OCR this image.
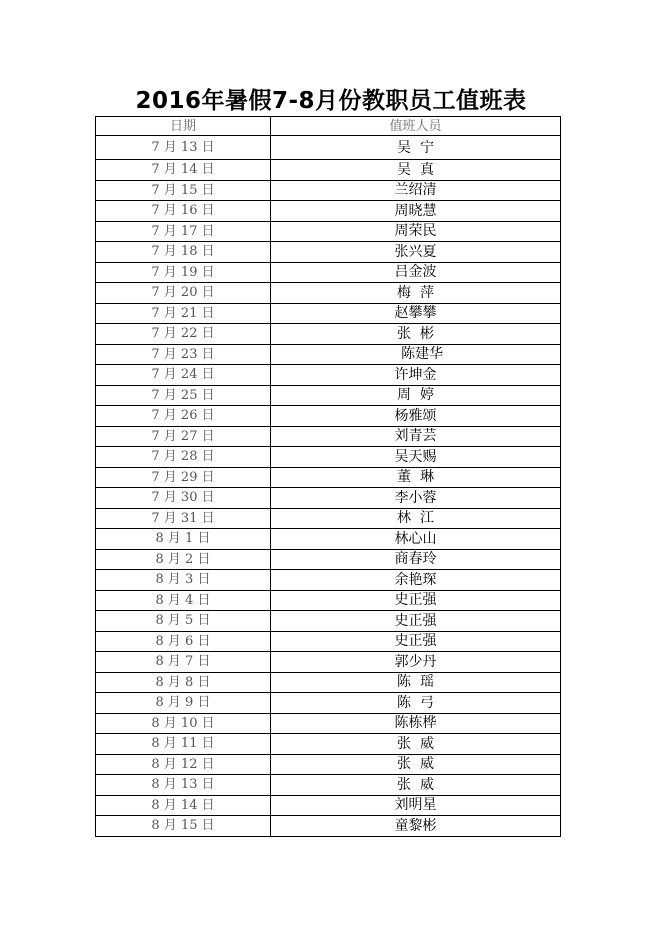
2016年暑假7-8月份教职员工值班表
日期	值班人员
7 月 13 日	吴  宁
7 月 14 日	吴  真
7 月 15 日	兰绍清
7 月 16 日	周晓慧
7 月 17 日	周荣民
7 月 18 日	张兴夏
7 月 19 日	吕金波
7 月 20 日	梅  萍
7 月 21 日	赵攀攀
7 月 22 日	张  彬
7 月 23 日	陈建华
7 月 24 日	许坤金
7 月 25 日	周  婷
7 月 26 日	杨雅颂
7 月 27 日	刘青芸
7 月 28 日	吴天赐
7 月 29 日	董  琳
7 月 30 日	李小蓉
7 月 31 日	林  江
8 月 1 日	林心山
8 月 2 日	商春玲
8 月 3 日	余艳琛
8 月 4 日	史正强
8 月 5 日	史正强
8 月 6 日	史正强
8 月 7 日	郭少丹
8 月 8 日	陈  瑶
8 月 9 日	陈  弓
8 月 10 日	陈栋桦
8 月 11 日	张  威
8 月 12 日	张  威
8 月 13 日	张  威
8 月 14 日	刘明星
8 月 15 日	童黎彬
